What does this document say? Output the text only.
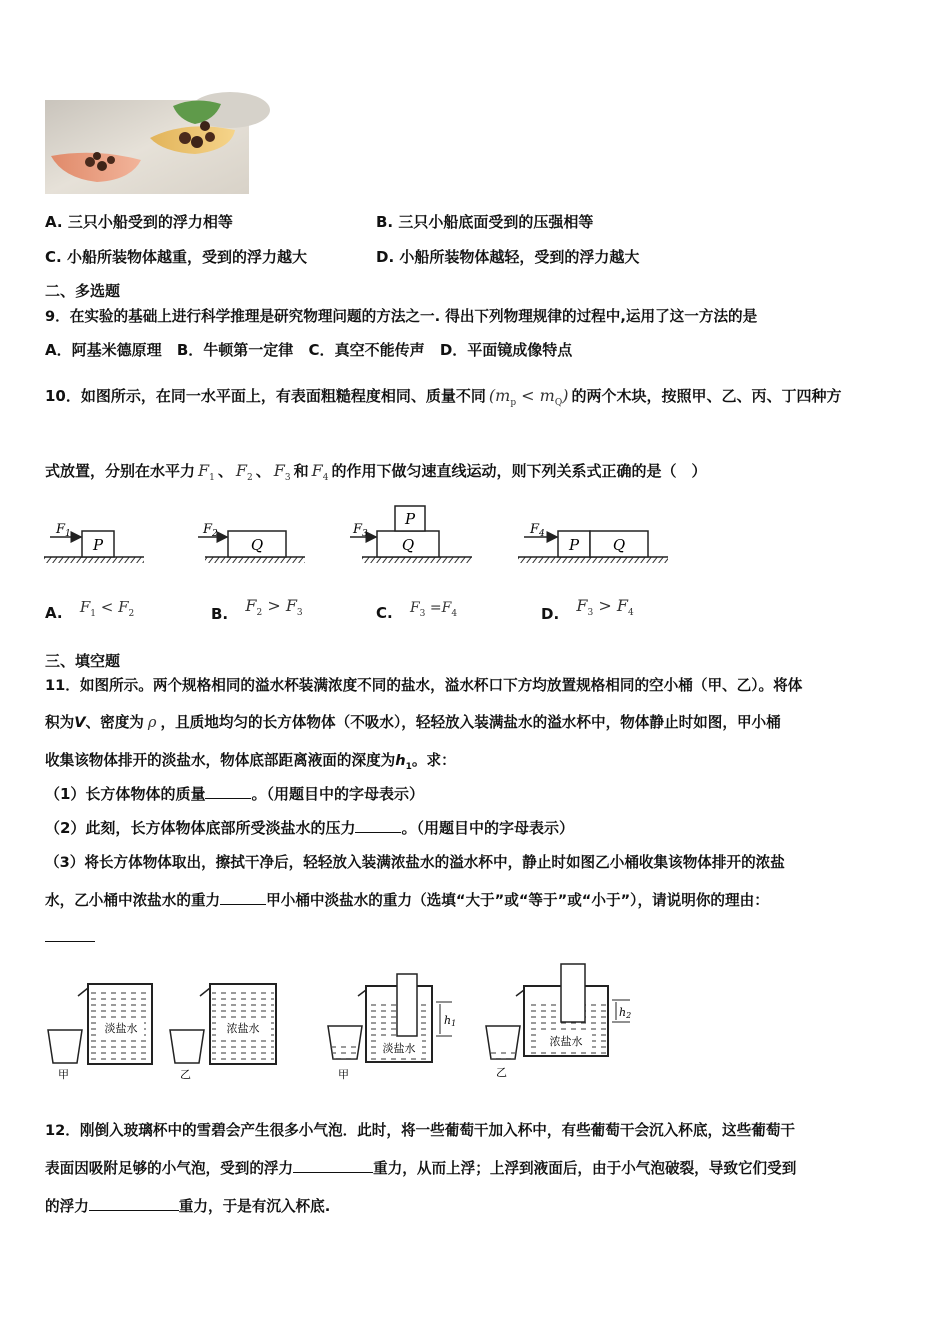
A. 三只小船受到的浮力相等	B. 三只小船底面受到的压强相等
C. 小船所装物体越重，受到的浮力越大	D. 小船所装物体越轻，受到的浮力越大
二、多选题
9．在实验的基础上进行科学推理是研究物理问题的方法之一. 得出下列物理规律的过程中,运用了这一方法的是
A．阿基米德原理 B．牛顿第一定律 C．真空不能传声 D．平面镜成像特点
10．如图所示，在同一水平面上，有表面粗糙程度相同、质量不同 $(m_p < m_Q)$ 的两个木块，按照甲、乙、丙、丁四种方
式放置，分别在水平力 $F_1$ 、 $F_2$ 、 $F_3$ 和 $F_4$ 的作用下做匀速直线运动，则下列关系式正确的是（　）
P
$F_1$
Q
$F_2$
Q
P
$F_3$
P Q
$F_4$
A. $F_1 < F_2$	B. $F_2 > F_3$	C. $F_3 =F_4$	D. $F_3 > F_4$
三、填空题
11．如图所示。两个规格相同的溢水杯装满浓度不同的盐水，溢水杯口下方均放置规格相同的空小桶（甲、乙）。将体
积为V、密度为 ρ ，且质地均匀的长方体物体（不吸水），轻轻放入装满盐水的溢水杯中，物体静止时如图，甲小桶
收集该物体排开的淡盐水，物体底部距离液面的深度为$h_1$。求：
（1）长方体物体的质量	。（用题目中的字母表示）
（2）此刻，长方体物体底部所受淡盐水的压力	。（用题目中的字母表示）
（3）将长方体物体取出，擦拭干净后，轻轻放入装满浓盐水的溢水杯中，静止时如图乙小桶收集该物体排开的浓盐
水，乙小桶中浓盐水的重力	甲小桶中淡盐水的重力（选填“大于”或“等于”或“小于”），请说明你的理由：
甲
淡盐水
乙
浓盐水
甲
淡盐水
h1
乙
浓盐水
h2
12．刚倒入玻璃杯中的雪碧会产生很多小气泡．此时，将一些葡萄干加入杯中，有些葡萄干会沉入杯底，这些葡萄干
表面因吸附足够的小气泡，受到的浮力	重力，从而上浮；上浮到液面后，由于小气泡破裂，导致它们受到
的浮力	重力，于是有沉入杯底.
